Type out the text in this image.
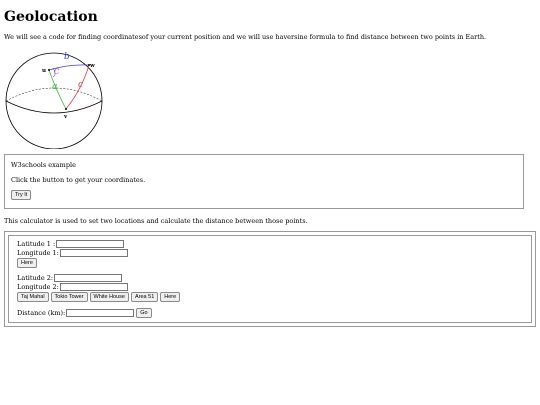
Geolocation

We will see a code for finding coordinatesof your current position and we will use haversine formula to find distance between two points in Earth.

b
u C
w
a c
v

W3schools example

Click the button to get your coordinates.

Try It

This calculator is used to set two locations and calculate the distance between those points.

Latitude 1 :
Longitude 1:
Here
Latitude 2:
Longitude 2:
Taj Mahal	Tokio Tower	White House	Area 51	Here
Distance (km):	Go
